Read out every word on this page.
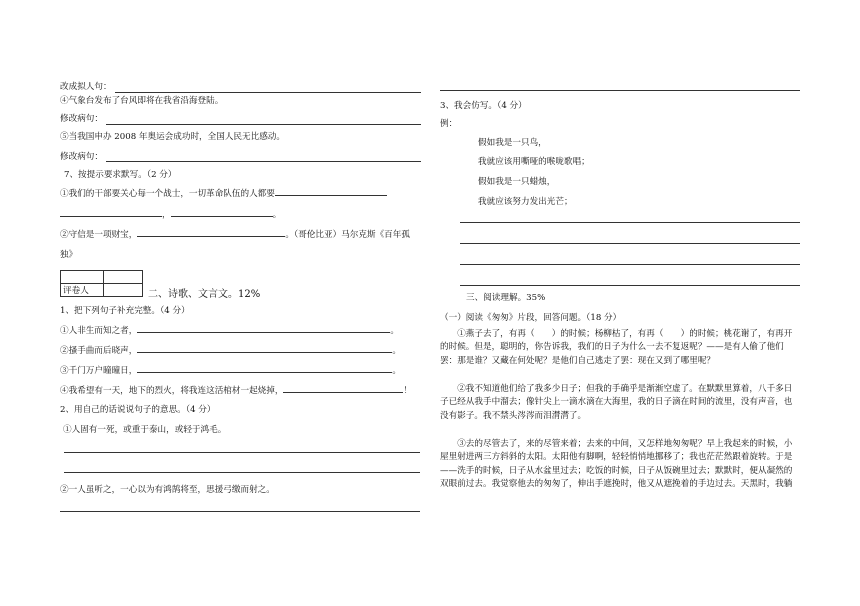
改成拟人句：
④气象台发布了台风即将在我省沿海登陆。
修改病句：
⑤当我国申办 2008 年奥运会成功时，全国人民无比感动。
修改病句：
7、按提示要求默写。（2 分）
①我们的干部要关心每一个战士，一切革命队伍的人都要
，	。
②守信是一项财宝，	。（哥伦比亚）马尔克斯《百年孤
独》

评卷人		二、诗歌、文言文。12%
1、把下列句子补充完整。（4 分）
①人非生而知之者，	。
②搔手曲而后晓声，	。
③千门万户曈曈日，	。
④我希望有一天，地下的烈火，将我连这活棺材一起烧掉，	！
2、用自己的话说说句子的意思。（4 分）
①人固有一死，或重于泰山，或轻于鸿毛。
②一人虽听之，一心以为有鸿鹄将至，思援弓缴而射之。
3、我会仿写。（4 分）
例：
假如我是一只鸟，
我就应该用嘶哑的喉咙歌唱；
假如我是一只蜡烛，
我就应该努力发出光芒；
三、阅读理解。35%
（一）阅读《匆匆》片段，回答问题。（18 分）
①燕子去了，有再（　　）的时候；杨柳枯了，有再（　　）的时候；桃花谢了，有再开的时候。但是，聪明的，你告诉我，我们的日子为什么一去不复返呢？——是有人偷了他们罢：那是谁？又藏在何处呢？是他们自己逃走了罢：现在又到了哪里呢？
②我不知道他们给了我多少日子；但我的手确乎是渐渐空虚了。在默默里算着，八千多日子已经从我手中溜去；像针尖上一滴水滴在大海里，我的日子滴在时间的流里，没有声音，也没有影子。我不禁头涔涔而泪潸潸了。
③去的尽管去了，来的尽管来着；去来的中间，又怎样地匆匆呢？早上我起来的时候，小屋里射进两三方斜斜的太阳。太阳他有脚啊，轻轻悄悄地挪移了；我也茫茫然跟着旋转。于是——洗手的时候，日子从水盆里过去；吃饭的时候，日子从饭碗里过去；默默时，便从凝然的双眼前过去。我觉察他去的匆匆了，伸出手遮挽时，他又从遮挽着的手边过去。天黑时，我躺
